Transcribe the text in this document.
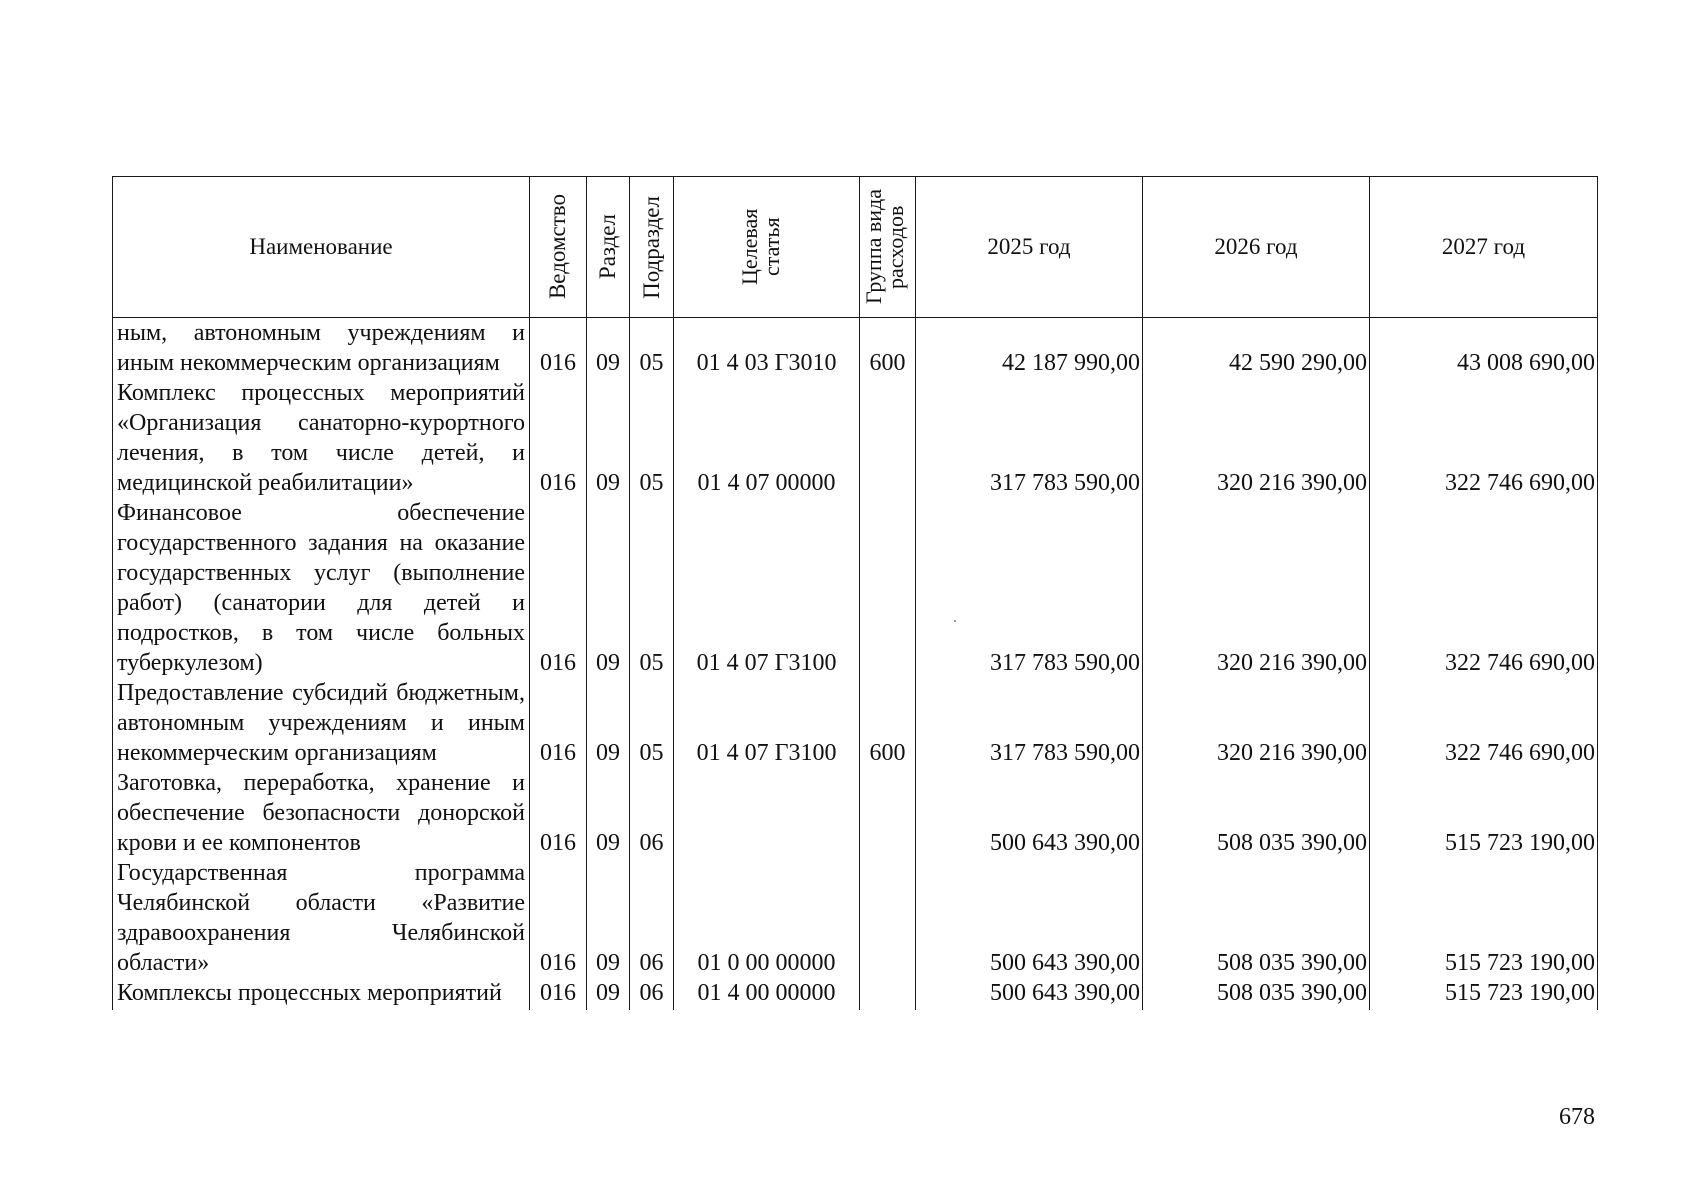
Наименование	Ведомство	Раздел	Подраздел	Целевая статья	Группа вида расходов	2025 год	2026 год	2027 год
ным, автономным учреждениям и иным некоммерческим организациям	016	09	05	01 4 03 Г3010	600	42 187 990,00	42 590 290,00	43 008 690,00
Комплекс процессных мероприятий «Организация санаторно-курортного лечения, в том числе детей, и медицинской реабилитации»	016	09	05	01 4 07 00000		317 783 590,00	320 216 390,00	322 746 690,00
Финансовое обеспечение государственного задания на оказание государственных услуг (выполнение работ) (санатории для детей и подростков, в том числе больных туберкулезом)	016	09	05	01 4 07 Г3100		317 783 590,00	320 216 390,00	322 746 690,00
Предоставление субсидий бюджетным, автономным учреждениям и иным некоммерческим организациям	016	09	05	01 4 07 Г3100	600	317 783 590,00	320 216 390,00	322 746 690,00
Заготовка, переработка, хранение и обеспечение безопасности донорской крови и ее компонентов	016	09	06			500 643 390,00	508 035 390,00	515 723 190,00
Государственная программа Челябинской области «Развитие здравоохранения Челябинской области»	016	09	06	01 0 00 00000		500 643 390,00	508 035 390,00	515 723 190,00
Комплексы процессных мероприятий	016	09	06	01 4 00 00000		500 643 390,00	508 035 390,00	515 723 190,00
678
